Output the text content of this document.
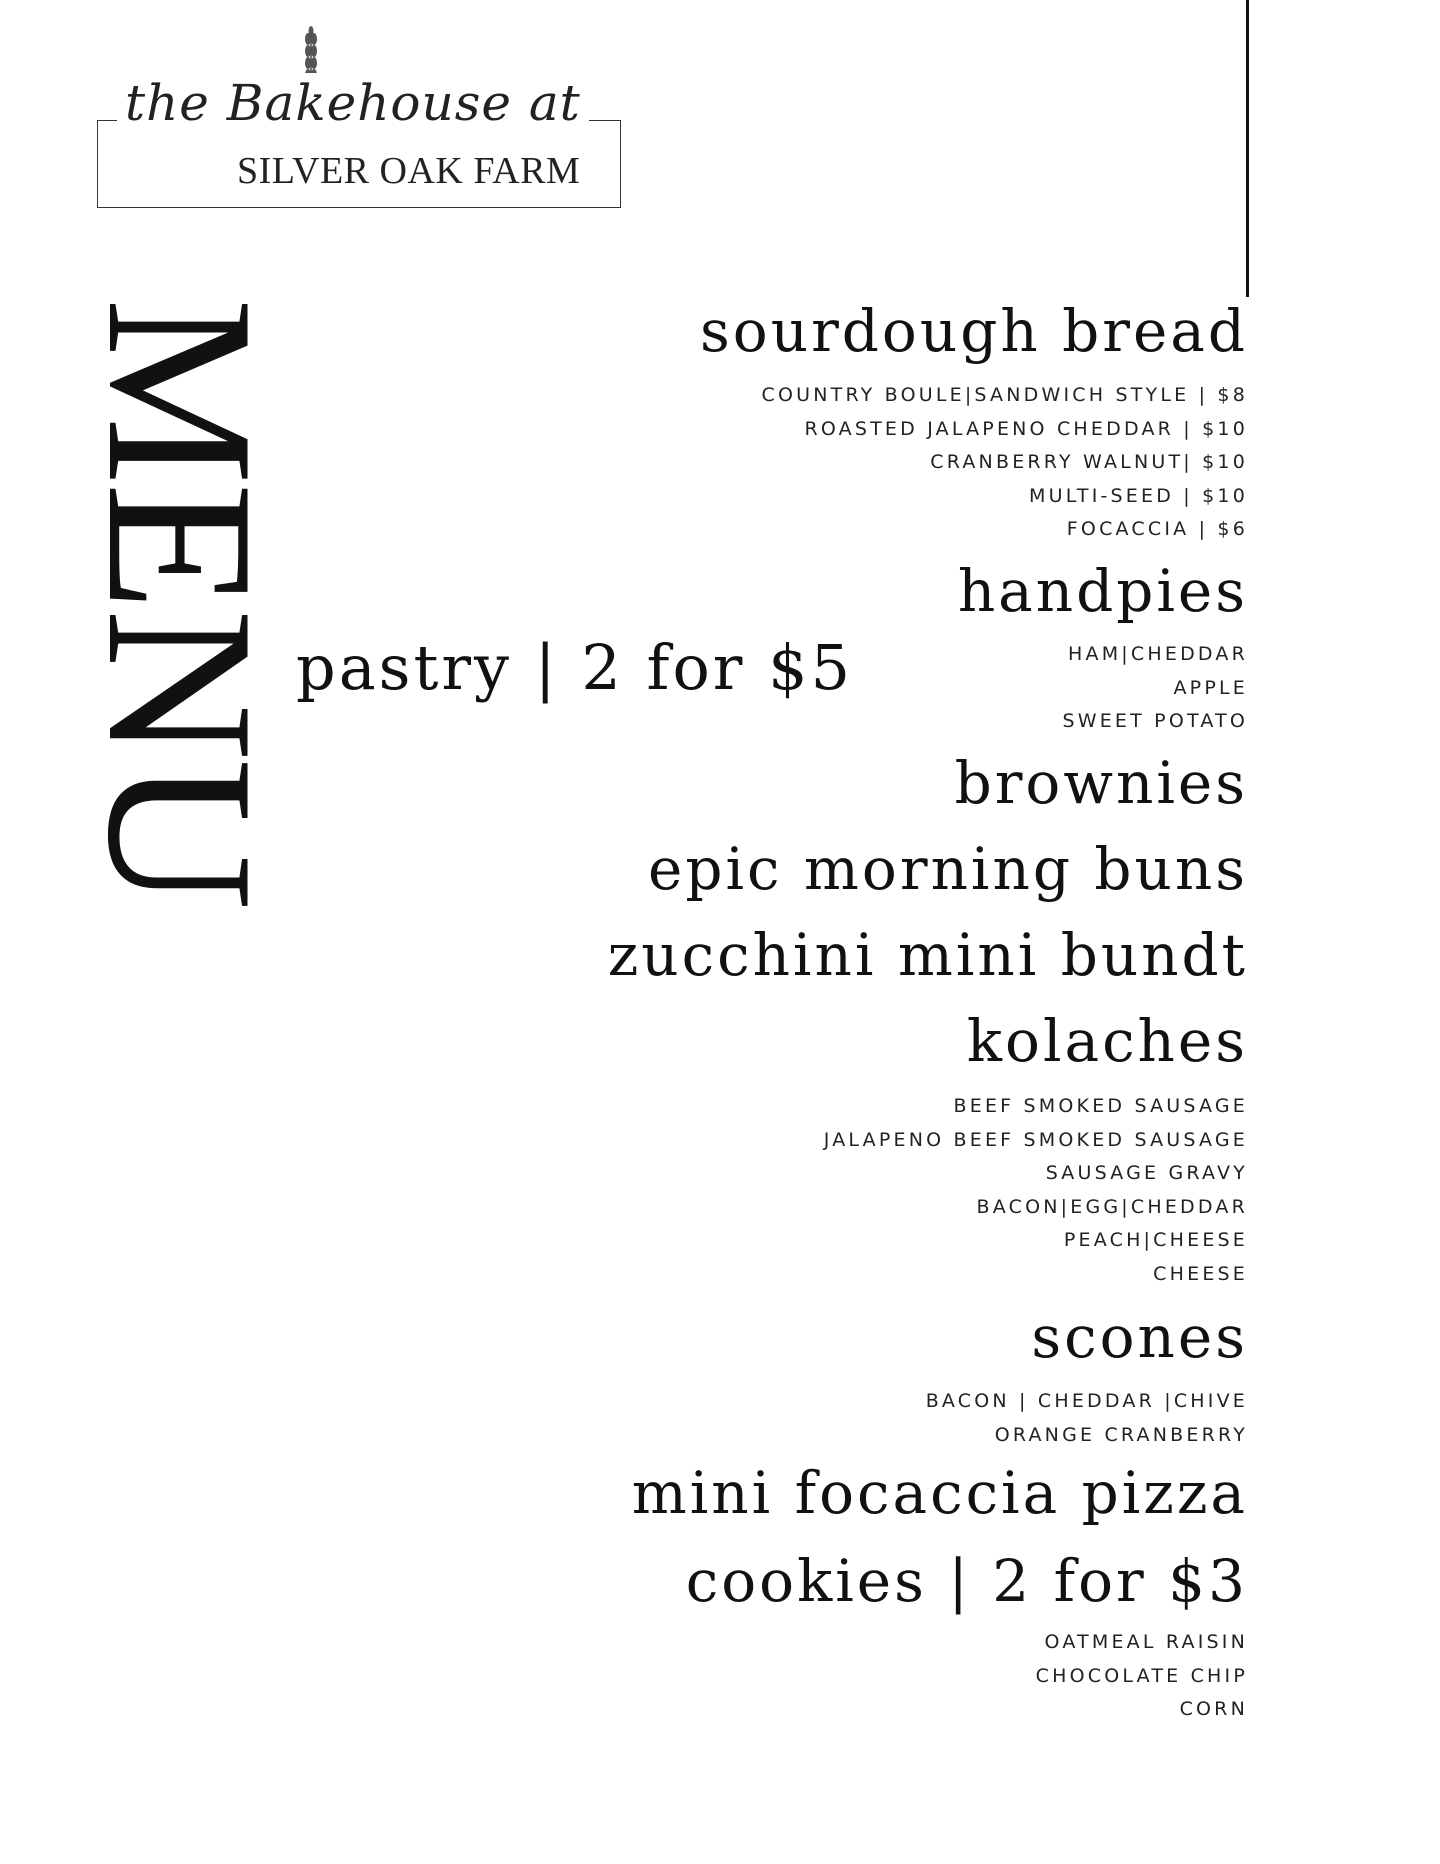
the Bakehouse at
SILVER OAK FARM
MENU pastry | 2 for $5
sourdough bread
COUNTRY BOULE|SANDWICH STYLE | $8
ROASTED JALAPENO CHEDDAR | $10
CRANBERRY WALNUT| $10
MULTI-SEED | $10
FOCACCIA | $6
handpies
HAM|CHEDDAR
APPLE
SWEET POTATO
brownies
epic morning buns
zucchini mini bundt
kolaches
BEEF SMOKED SAUSAGE
JALAPENO BEEF SMOKED SAUSAGE
SAUSAGE GRAVY
BACON|EGG|CHEDDAR
PEACH|CHEESE
CHEESE
scones
BACON | CHEDDAR |CHIVE
ORANGE CRANBERRY
mini focaccia pizza
cookies | 2 for $3
OATMEAL RAISIN
CHOCOLATE CHIP
CORN
